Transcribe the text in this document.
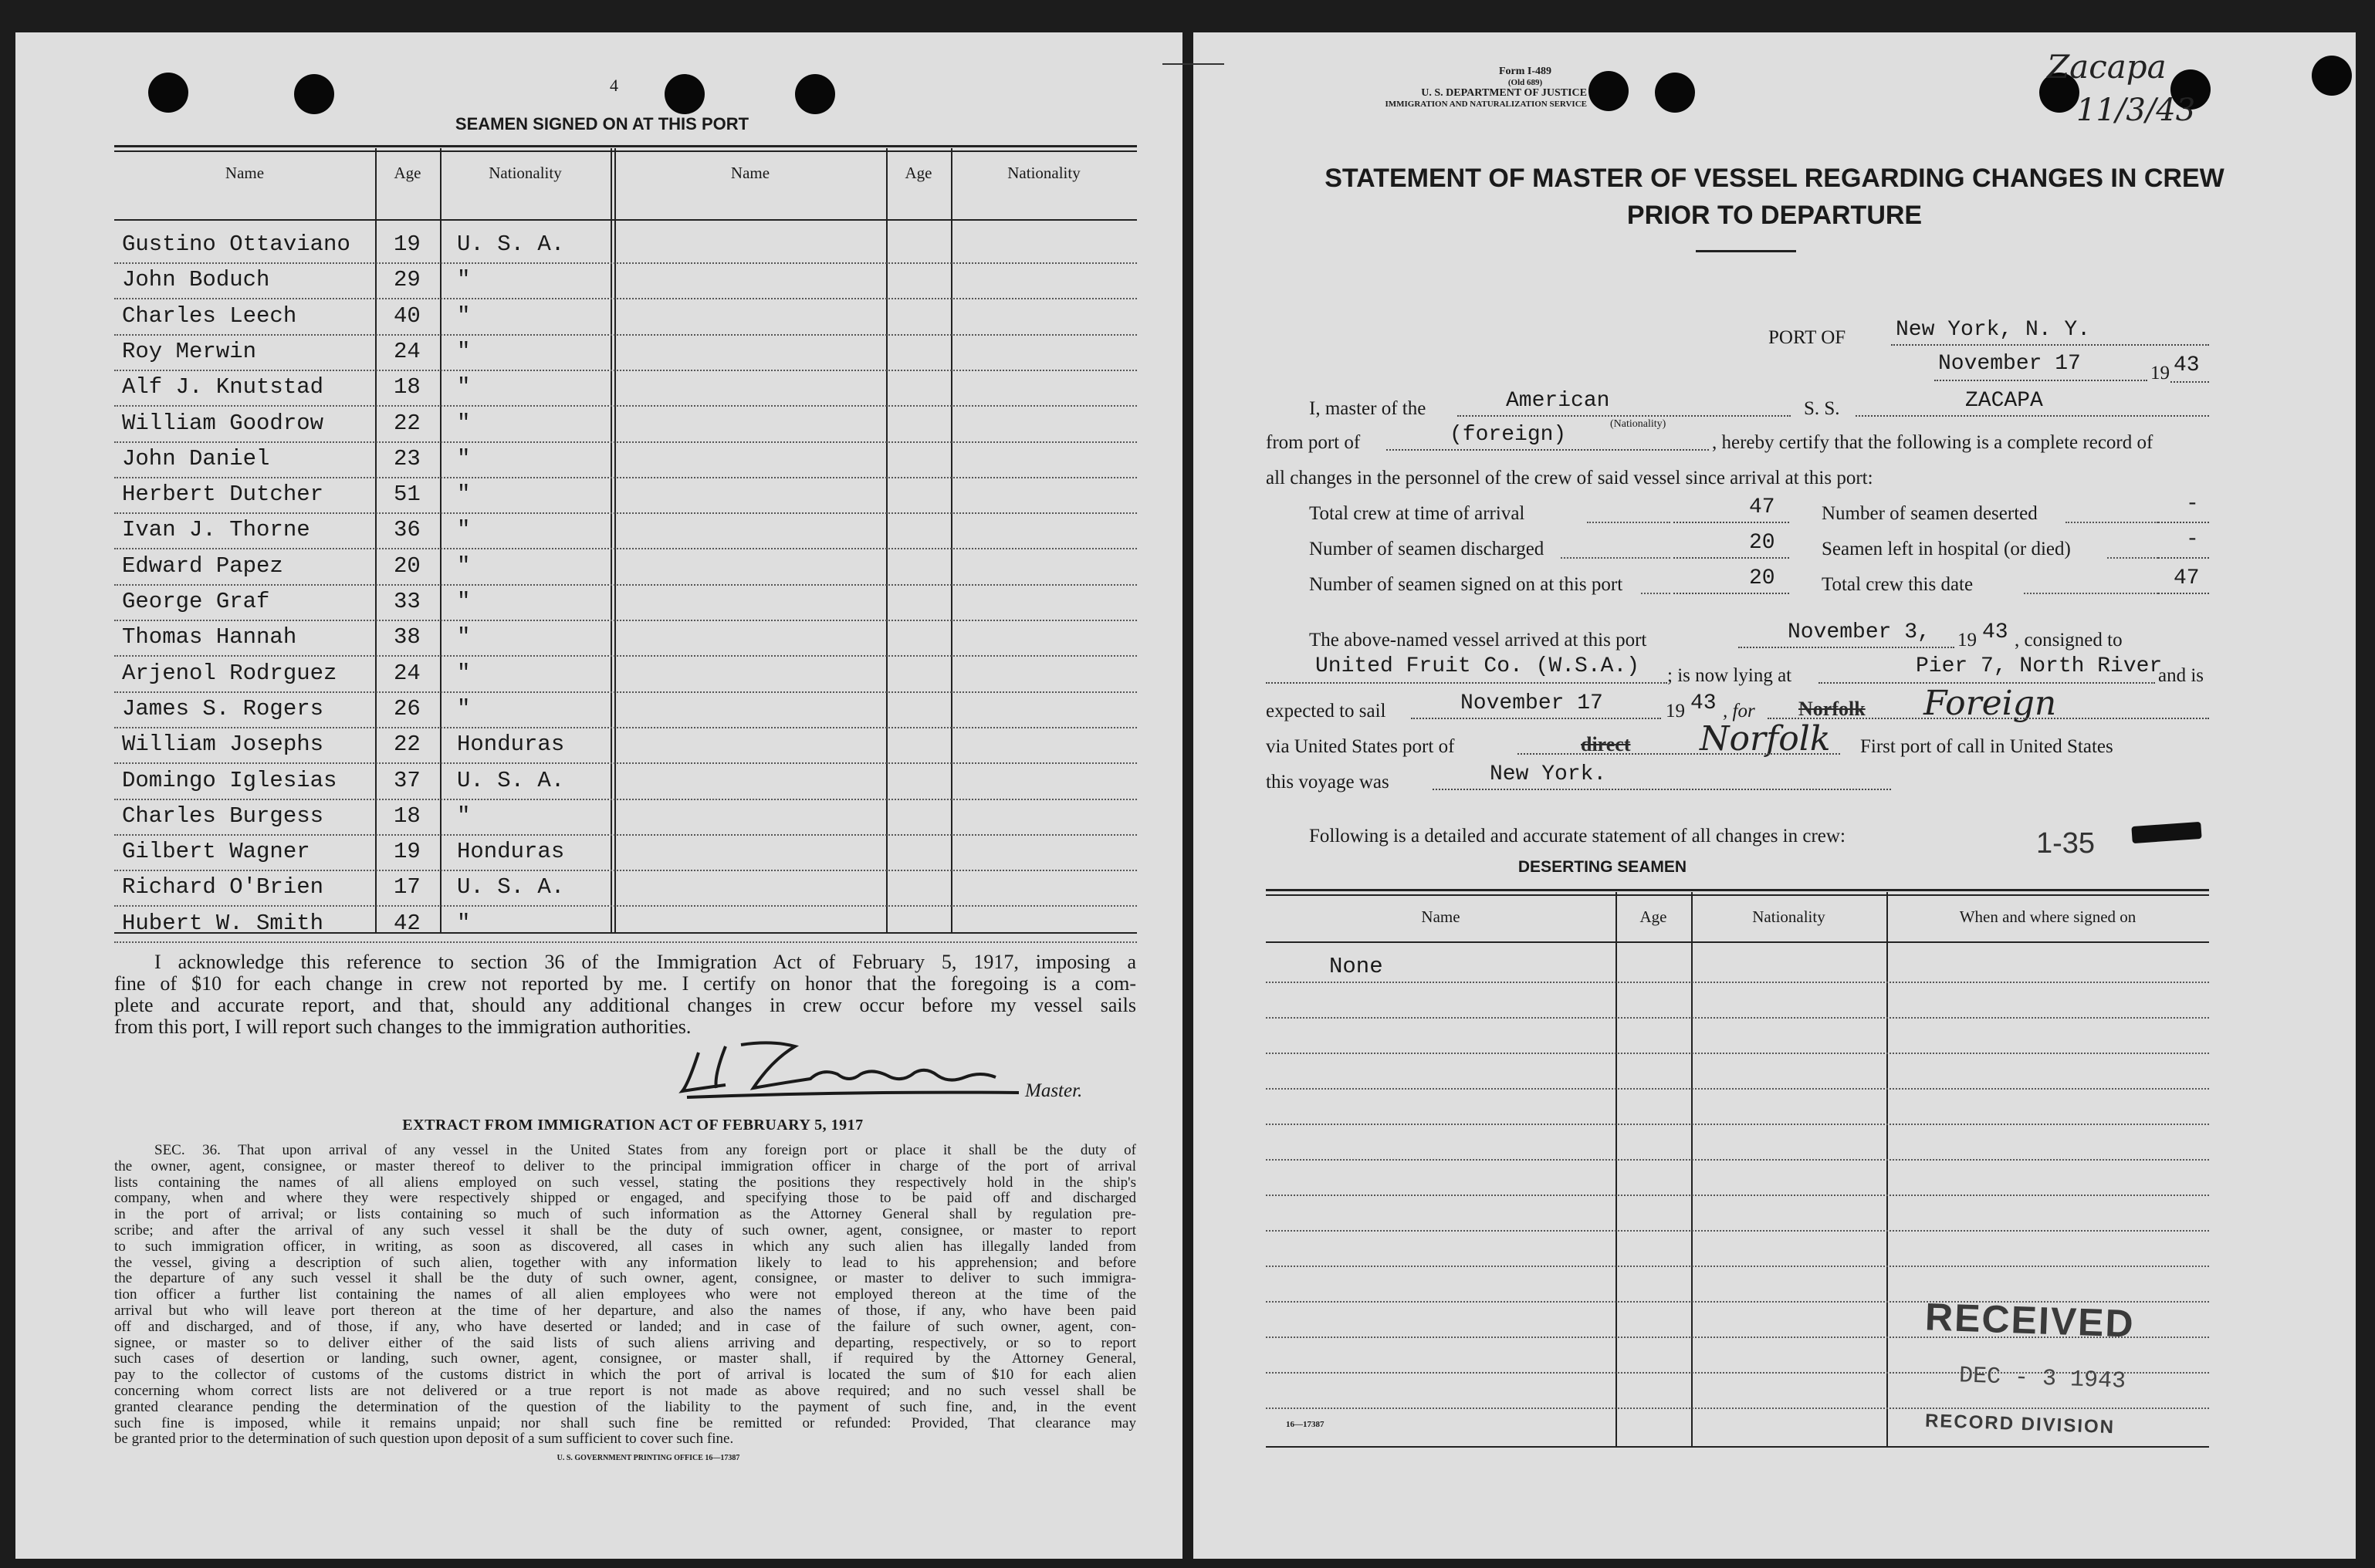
4
SEAMEN SIGNED ON AT THIS PORT
Name	Age	Nationality	Name	Age	Nationality
Gustino Ottaviano 19 U. S. A.
John Boduch	29 "
Charles Leech	40 "
Roy Merwin	24 "
Alf J. Knutstad	18 "
William Goodrow	22 "
John Daniel	23 "
Herbert Dutcher	51 "
Ivan J. Thorne	36 "
Edward Papez	20 "
George Graf	33 "
Thomas Hannah	38 "
Arjenol Rodrguez	24 "
James S. Rogers	26 "
William Josephs	22 Honduras
Domingo Iglesias	37 U. S. A.
Charles Burgess	18 "
Gilbert Wagner	19 Honduras
Richard O'Brien	17 U. S. A.
Hubert W. Smith	42 "
I acknowledge this reference to section 36 of the Immigration Act of February 5, 1917, imposing a
fine of $10 for each change in crew not reported by me. I certify on honor that the foregoing is a com-
plete and accurate report, and that, should any additional changes in crew occur before my vessel sails
from this port, I will report such changes to the immigration authorities.
Master.
EXTRACT FROM IMMIGRATION ACT OF FEBRUARY 5, 1917
SEC. 36. That upon arrival of any vessel in the United States from any foreign port or place it shall be the duty of
the owner, agent, consignee, or master thereof to deliver to the principal immigration officer in charge of the port of arrival
lists containing the names of all aliens employed on such vessel, stating the positions they respectively hold in the ship's
company, when and where they were respectively shipped or engaged, and specifying those to be paid off and discharged
in the port of arrival; or lists containing so much of such information as the Attorney General shall by regulation pre-
scribe; and after the arrival of any such vessel it shall be the duty of such owner, agent, consignee, or master to report
to such immigration officer, in writing, as soon as discovered, all cases in which any such alien has illegally landed from
the vessel, giving a description of such alien, together with any information likely to lead to his apprehension; and before
the departure of any such vessel it shall be the duty of such owner, agent, consignee, or master to deliver to such immigra-
tion officer a further list containing the names of all alien employees who were not employed thereon at the time of the
arrival but who will leave port thereon at the time of her departure, and also the names of those, if any, who have been paid
off and discharged, and of those, if any, who have deserted or landed; and in case of the failure of such owner, agent, con-
signee, or master so to deliver either of the said lists of such aliens arriving and departing, respectively, or so to report
such cases of desertion or landing, such owner, agent, consignee, or master shall, if required by the Attorney General,
pay to the collector of customs of the customs district in which the port of arrival is located the sum of $10 for each alien
concerning whom correct lists are not delivered or a true report is not made as above required; and no such vessel shall be
granted clearance pending the determination of the question of the liability to the payment of such fine, and, in the event
such fine is imposed, while it remains unpaid; nor shall such fine be remitted or refunded: Provided, That clearance may
be granted prior to the determination of such question upon deposit of a sum sufficient to cover such fine.
U. S. GOVERNMENT PRINTING OFFICE 16—17387
Form I-489
(Old 689)
U. S. DEPARTMENT OF JUSTICE
IMMIGRATION AND NATURALIZATION SERVICE
Zacapa
11/3/43
STATEMENT OF MASTER OF VESSEL REGARDING CHANGES IN CREW
PRIOR TO DEPARTURE
PORT OF New York, N. Y.
November 17	19 43
I, master of the	American
(Nationality)
S. S.	ZACAPA
from port of	(foreign)	, hereby certify that the following is a complete record of
all changes in the personnel of the crew of said vessel since arrival at this port:
Total crew at time of arrival	47
Number of seamen discharged	20
Number of seamen signed on at this port	20
Number of seamen deserted	-
Seamen left in hospital (or died)	-
Total crew this date	47
The above-named vessel arrived at this port	November 3, 19 43 , consigned to
United Fruit Co. (W.S.A.) ; is now lying at	Pier 7, North River
and is
expected to sail	November 17	19 43 , for Norfolk Foreign
via United States port of	direct Norfolk First port of call in United States
this voyage was	New York.
Following is a detailed and accurate statement of all changes in crew:
DESERTING SEAMEN
1-35
Name	Age	Nationality	When and where signed on
None
RECEIVED
DEC - 3 1943
RECORD DIVISION
16—17387
